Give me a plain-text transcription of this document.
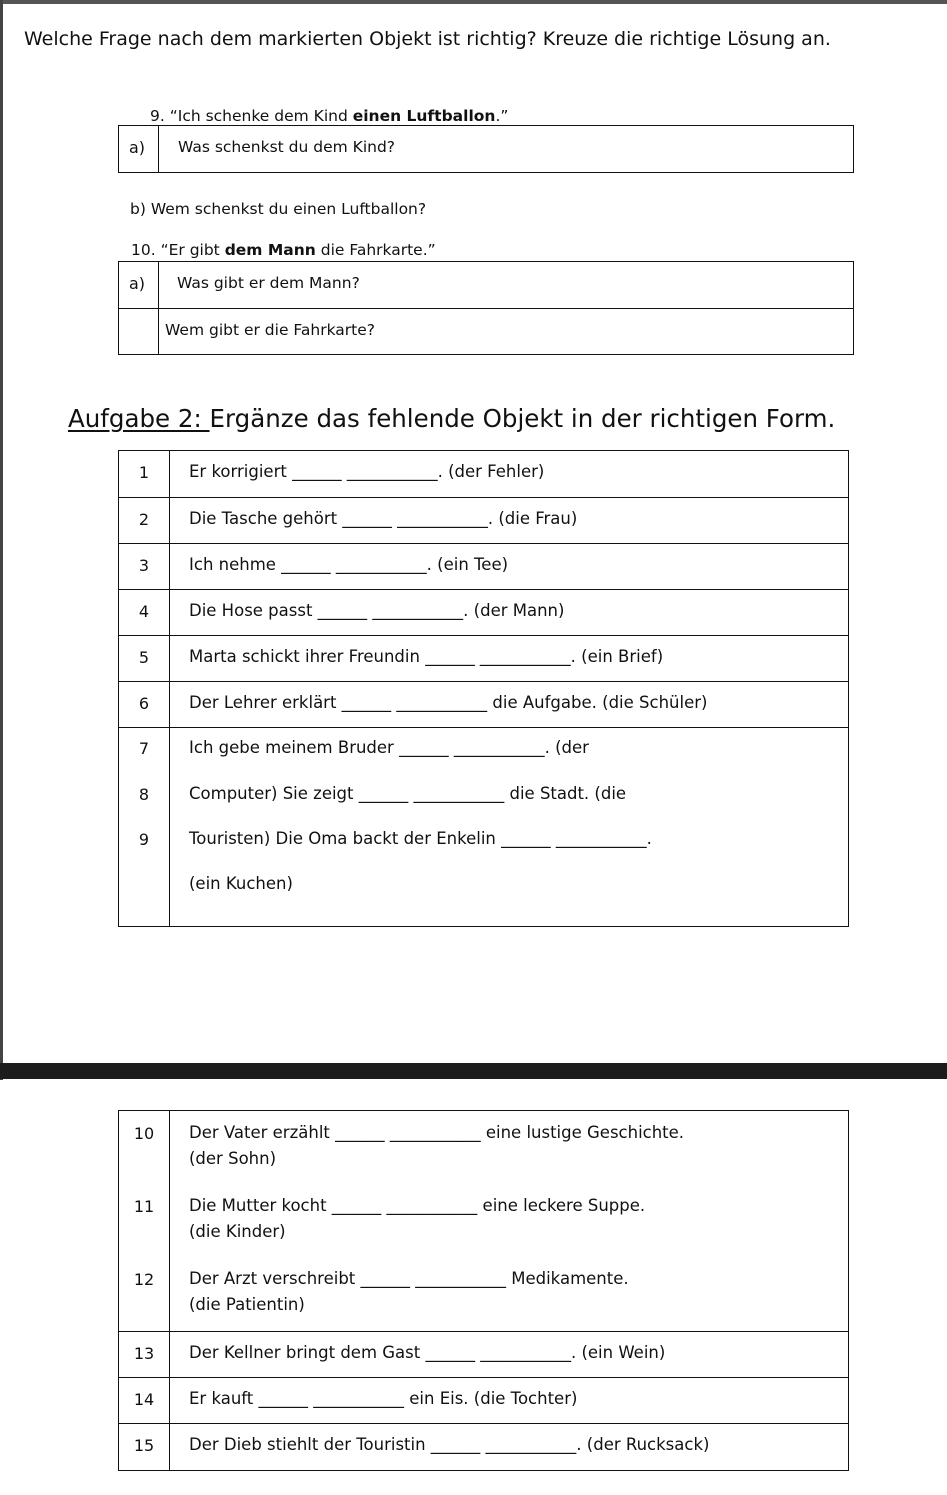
Welche Frage nach dem markierten Objekt ist richtig? Kreuze die richtige Lösung an.
9. “Ich schenke dem Kind einen Luftballon.”
a) Was schenkst du dem Kind?
b) Wem schenkst du einen Luftballon?
10. “Er gibt dem Mann die Fahrkarte.”
a) Was gibt er dem Mann?
Wem gibt er die Fahrkarte?
Aufgabe 2: Ergänze das fehlende Objekt in der richtigen Form.
1	Er korrigiert ______ ___________. (der Fehler)
2	Die Tasche gehört ______ ___________. (die Frau)
3	Ich nehme ______ ___________. (ein Tee)
4	Die Hose passt ______ ___________. (der Mann)
5	Marta schickt ihrer Freundin ______ ___________. (ein Brief)
6	Der Lehrer erklärt ______ ___________ die Aufgabe. (die Schüler)
7	Ich gebe meinem Bruder ______ ___________. (der
8	Computer) Sie zeigt ______ ___________ die Stadt. (die
9	Touristen) Die Oma backt der Enkelin ______ ___________.
(ein Kuchen)
10	Der Vater erzählt ______ ___________ eine lustige Geschichte.
(der Sohn)
11	Die Mutter kocht ______ ___________ eine leckere Suppe.
(die Kinder)
12	Der Arzt verschreibt ______ ___________ Medikamente.
(die Patientin)
13	Der Kellner bringt dem Gast ______ ___________. (ein Wein)
14	Er kauft ______ ___________ ein Eis. (die Tochter)
15	Der Dieb stiehlt der Touristin ______ ___________. (der Rucksack)
